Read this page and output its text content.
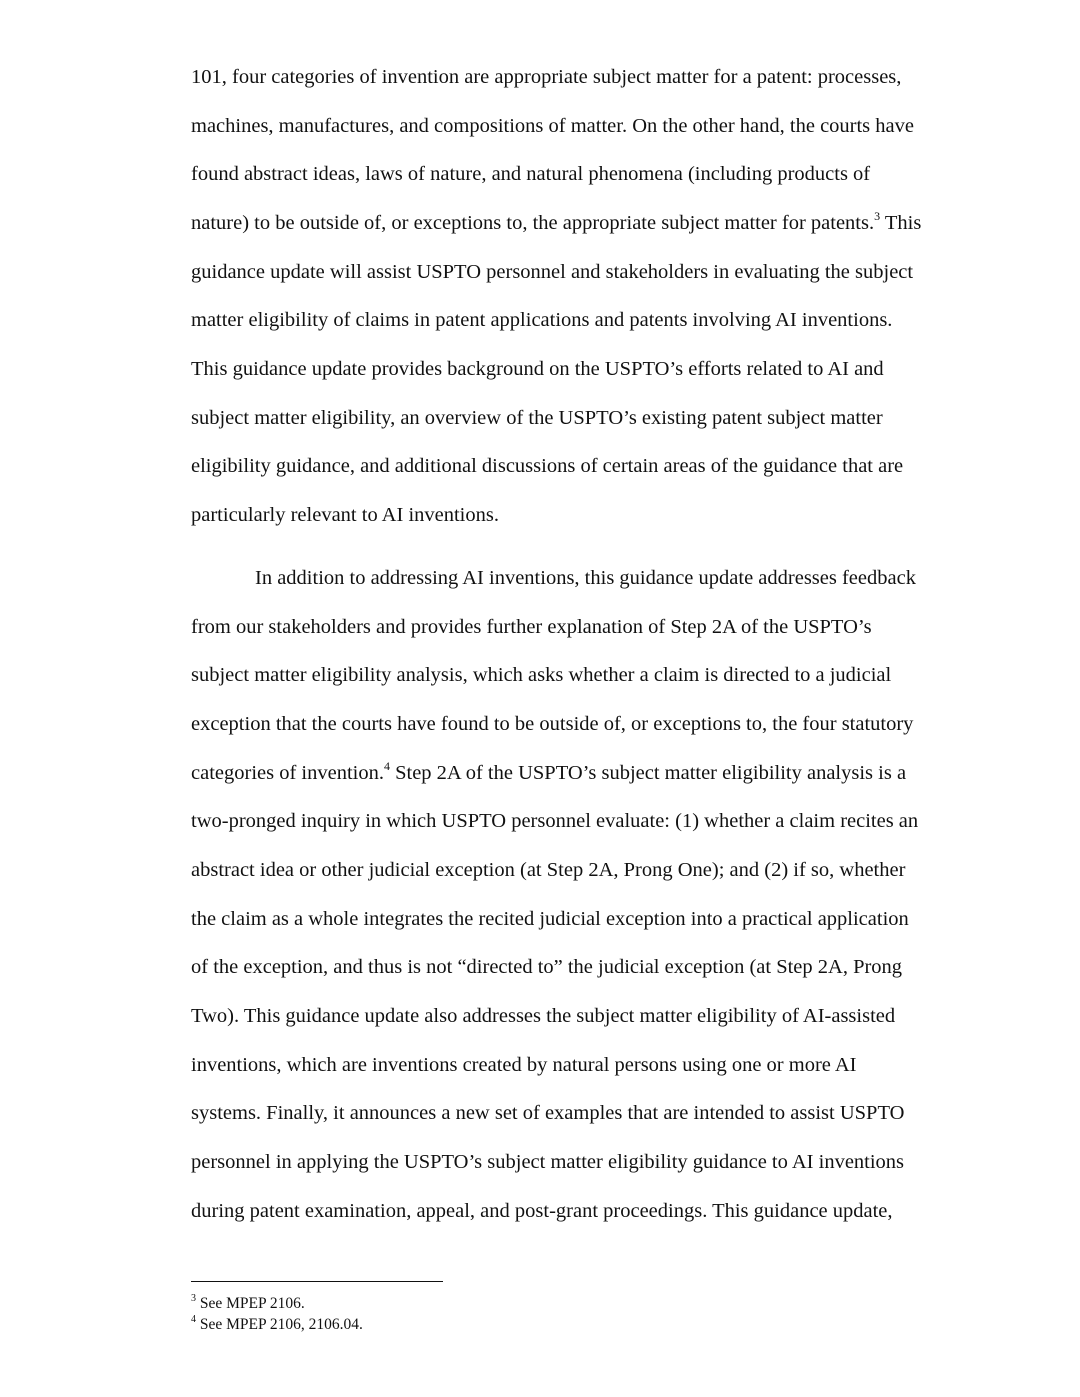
101, four categories of invention are appropriate subject matter for a patent: processes,
machines, manufactures, and compositions of matter. On the other hand, the courts have
found abstract ideas, laws of nature, and natural phenomena (including products of
nature) to be outside of, or exceptions to, the appropriate subject matter for patents.$^3$ This
guidance update will assist USPTO personnel and stakeholders in evaluating the subject
matter eligibility of claims in patent applications and patents involving AI inventions.
This guidance update provides background on the USPTO’s efforts related to AI and
subject matter eligibility, an overview of the USPTO’s existing patent subject matter
eligibility guidance, and additional discussions of certain areas of the guidance that are
particularly relevant to AI inventions.
In addition to addressing AI inventions, this guidance update addresses feedback
from our stakeholders and provides further explanation of Step 2A of the USPTO’s
subject matter eligibility analysis, which asks whether a claim is directed to a judicial
exception that the courts have found to be outside of, or exceptions to, the four statutory
categories of invention.$^4$ Step 2A of the USPTO’s subject matter eligibility analysis is a
two-pronged inquiry in which USPTO personnel evaluate: (1) whether a claim recites an
abstract idea or other judicial exception (at Step 2A, Prong One); and (2) if so, whether
the claim as a whole integrates the recited judicial exception into a practical application
of the exception, and thus is not “directed to” the judicial exception (at Step 2A, Prong
Two). This guidance update also addresses the subject matter eligibility of AI-assisted
inventions, which are inventions created by natural persons using one or more AI
systems. Finally, it announces a new set of examples that are intended to assist USPTO
personnel in applying the USPTO’s subject matter eligibility guidance to AI inventions
during patent examination, appeal, and post-grant proceedings. This guidance update,
$^3$ See MPEP 2106.
$^4$ See MPEP 2106, 2106.04.
